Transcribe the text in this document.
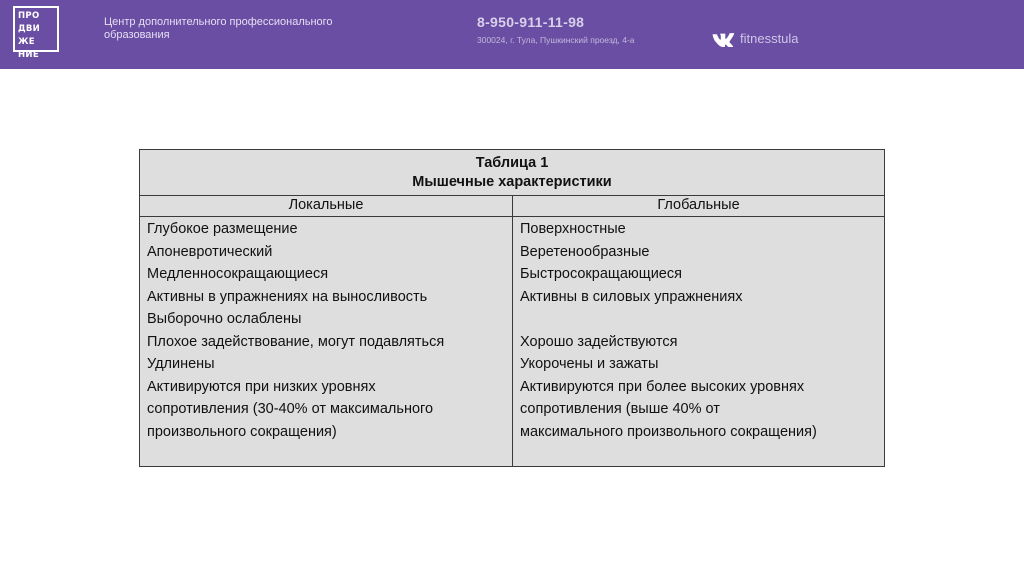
ПРО
ДВИ
ЖЕ
НИЕ
Центр дополнительного профессионального
образования
8-950-911-11-98
300024, г. Тула, Пушкинский проезд, 4-а	fitnesstula
Таблица 1
Мышечные характеристики
Локальные	Глобальные
Глубокое размещение
Апоневротический
Медленносокращающиеся
Активны в упражнениях на выносливость
Выборочно ослаблены
Плохое задействование, могут подавляться
Удлинены
Активируются при низких уровнях
сопротивления (30-40% от максимального
произвольного сокращения)
Поверхностные
Веретенообразные
Быстросокращающиеся
Активны в силовых упражнениях
Хорошо задействуются
Укорочены и зажаты
Активируются при более высоких уровнях
сопротивления (выше 40% от
максимального произвольного сокращения)
